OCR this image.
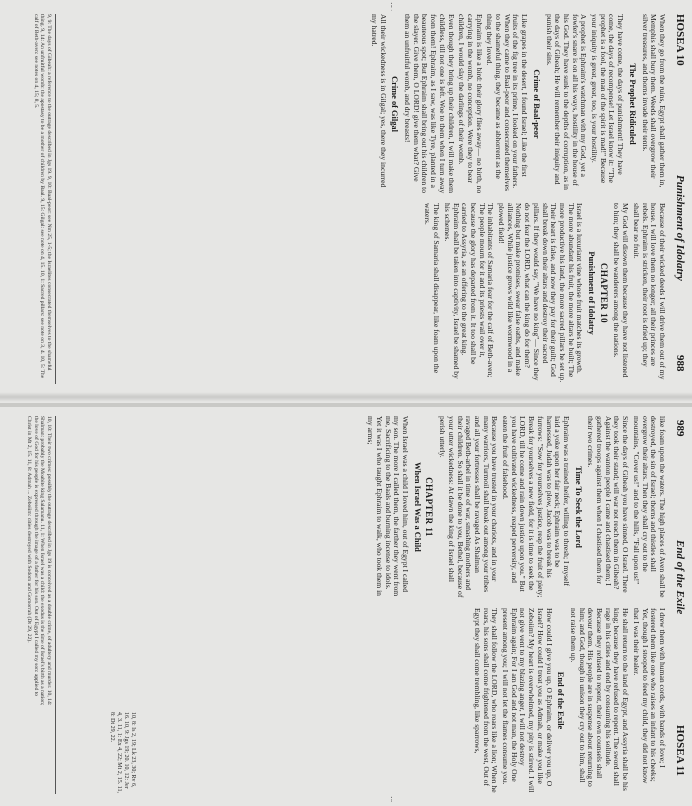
HOSEA 10
Punishment of Idolatry
988

When they go from the ruins, Egypt shall gather them in, Memphis shall bury them. Weeds shall overgrow their silver treasures, and thorns invade their tents.

The Prophet Ridiculed

They have come, the days of punishment! They have come, the days of recompense! Let Israel know it: "The prophet is a fool, the man of the spirit is mad!" Because your iniquity is great, great, too, is your hostility.

A prophet is Ephraim's watchman with my God, yet a fowler's snare is on all his ways, hostility in the house of his God. They have sunk to the depths of corruption, as in the days of Gibeah; He will remember their iniquity and punish their sins.

Crime of Baal-peor

Like grapes in the desert, I found Israel; Like the first fruits of the fig tree in its prime, I looked on your fathers. When they came to Baal-peor and consecrated themselves to the shameful thing, they became as abhorrent as the thing they loved.

Ephraim is like a bird: their glory flies away— no birth, no carrying in the womb, no conception. Were they to bear children, I would slay the darlings of their womb.

Even though they bring up their children, I will make them childless, till not one is left. Woe to them when I turn away from them! Ephraim, as I saw, was like Tyre, planted in a beauteous spot; But Ephraim shall bring out his children to the slayer. Give them, O LORD! give them what? Give them an unfruitful womb, and dry breasts!

Crime of Gilgal

All their wickedness is in Gilgal; yes, there they incurred my hatred.

Because of their wicked deeds I will drive them out of my house. I will love them no longer; all their princes are rebels. Ephraim is stricken, their root is dried up; they shall bear no fruit.

My God will disown them because they have not listened to him; they shall be wanderers among the nations.

CHAPTER 10

Punishment of Idolatry

Israel is a luxuriant vine whose fruit matches its growth. The more abundant his fruit, the more altars he built; The more productive his land, the more sacred pillars he set up. Their heart is false, and now they pay for their guilt; God shall break down their altars and destroy their sacred pillars. If they would say, "We have no king"— Since they do not fear the LORD, what can the king do for them? Nothing but make promises, swear false oaths, and make alliances, While justice grows wild like wormwood in a plowed field!

The inhabitants of Samaria fear for the calf of Beth-aven; The people mourn for it and its priests wail over it, because the glory has departed from it. It too shall be carried to Assyria, as an offering to the great king. Ephraim shall be taken into captivity, Israel be shamed by his schemes.

The king of Samaria shall disappear, like foam upon the waters.

9, 9: The days of Gibeah: a reference to the outrage described in Jgs 19. 9, 10: Baal-peor: see Nm 25, 1-5; the Israelites consecrated themselves to the shameful thing. 9, 14: An unfruitful womb: the apostasy to be a mother of children by Baal. 9, 15: Gilgal: see note on 4, 15. 10, 1: Sacred pillars: see note on 3, 4. 10, 5: The calf of Beth-aven: see notes on 4, 15; 8, 5.
989
End of the Exile
HOSEA 11

like foam upon the waters. The high places of Aven shall be destroyed, the sin of Israel; thorns and thistles shall overgrow their altars. Then they shall cry out to the mountains, "Cover us!" and to the hills, "Fall upon us!"

Since the days of Gibeah you have sinned, O Israel. There they took their stand; will war not reach them in Gibeah? Against the wanton people I came and chastised them; I gathered troops against them when I chastised them for their two crimes.

Time To Seek the Lord

Ephraim was a trained heifer, willing to thresh; I myself laid a yoke upon her fair neck; Ephraim was to be harnessed, Judah was to plow, Jacob was to break his furrows: "Sow for yourselves justice, reap the fruit of piety; Break for yourselves a new field, for it is time to seek the LORD, till he come and rain down justice upon you." But you have cultivated wickedness, reaped perversity, and eaten the fruit of falsehood.

Because you have trusted in your chariots, and in your many warriors, Turmoil shall break out among your tribes and all your fortresses shall be ravaged As Shalman ravaged Beth-arbel in time of war, smashing mothers and their children. So shall it be done to you, Bethel, because of your utter wickedness: At dawn the king of Israel shall perish utterly.

CHAPTER 11

When Israel Was a Child

When Israel was a child I loved him, out of Egypt I called my son. The more I called them, the farther they went from me, Sacrificing to the Baals and burning incense to idols. Yet it was I who taught Ephraim to walk, who took them in my arms;

I drew them with human cords, with bands of love; I fostered them like one who raises an infant to his cheeks; Yet, though I stooped to feed my child, they did not know that I was their healer.

He shall return to the land of Egypt, and Assyria shall be his king; because they have refused to repent. The sword shall rage in his cities and end by consuming his solitude. Because they refused to repent, their own counsels shall devour them. His people are in suspense about returning to him; and God, though in unison they cry out to him, shall not raise them up.

End of the Exile

How could I give you up, O Ephraim, or deliver you up, O Israel? How could I treat you as Admah, or make you like Zeboiim? My heart is overwhelmed, my pity is stirred. I will not give vent to my blazing anger, I will not destroy Ephraim again; For I am God and not man, the Holy One present among you; I will not let the flames consume you.

They shall follow the LORD, who roars like a lion; When he roars, his sons shall come frightened from the west, Out of Egypt they shall come trembling, like sparrows,

10, 10: Their two crimes: possibly the outrage described in Jgs 19 is conceived as a double crime, of adultery and murder. 10, 14: Shalman: probably the Moabite king Salamanu. 11, 1: When Israel was a child: the exodus is the time of Israel's birth as a nation; the love of God for his people is expressed through the image of a father for his son. Out of Egypt I called my son: applied to Christ in Mt 2, 15. 11, 8: Admah ... Zeboiim: cities destroyed with Sodom and Gomorrah (Dt 29, 22).
10, 8: Is 2, 19; Lk 23, 30; Rv 6, 16. 10, 9: Jgs 19; 20. 10, 12: Jer 4, 3. 11, 1: Ex 4, 22; Mt 2, 15. 11, 8: Dt 29, 22.
